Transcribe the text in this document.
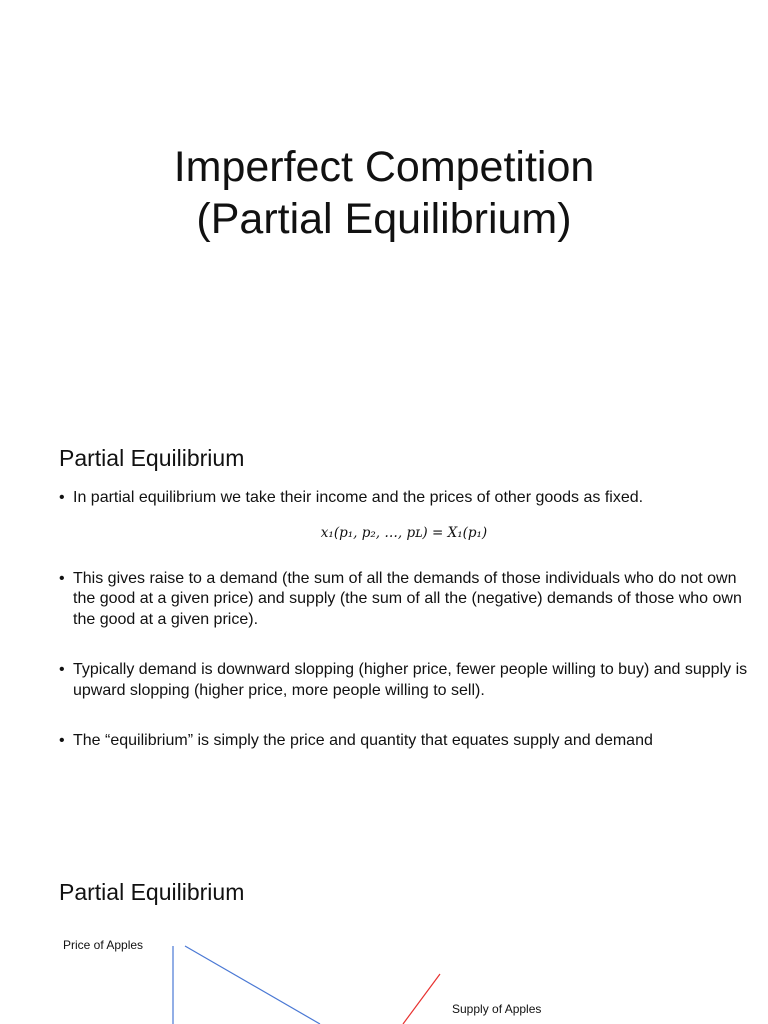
Imperfect Competition
(Partial Equilibrium)
Partial Equilibrium
• In partial equilibrium we take their income and the prices of other goods as fixed.
x₁(p₁, p₂, …, pʟ) = X₁(p₁)
• This gives raise to a demand (the sum of all the demands of those individuals who do not own the good at a given price) and supply (the sum of all the (negative) demands of those who own the good at a given price).
• Typically demand is downward slopping (higher price, fewer people willing to buy) and supply is upward slopping (higher price, more people willing to sell).
• The “equilibrium” is simply the price and quantity that equates supply and demand
Partial Equilibrium
Price of Apples
Supply of Apples
